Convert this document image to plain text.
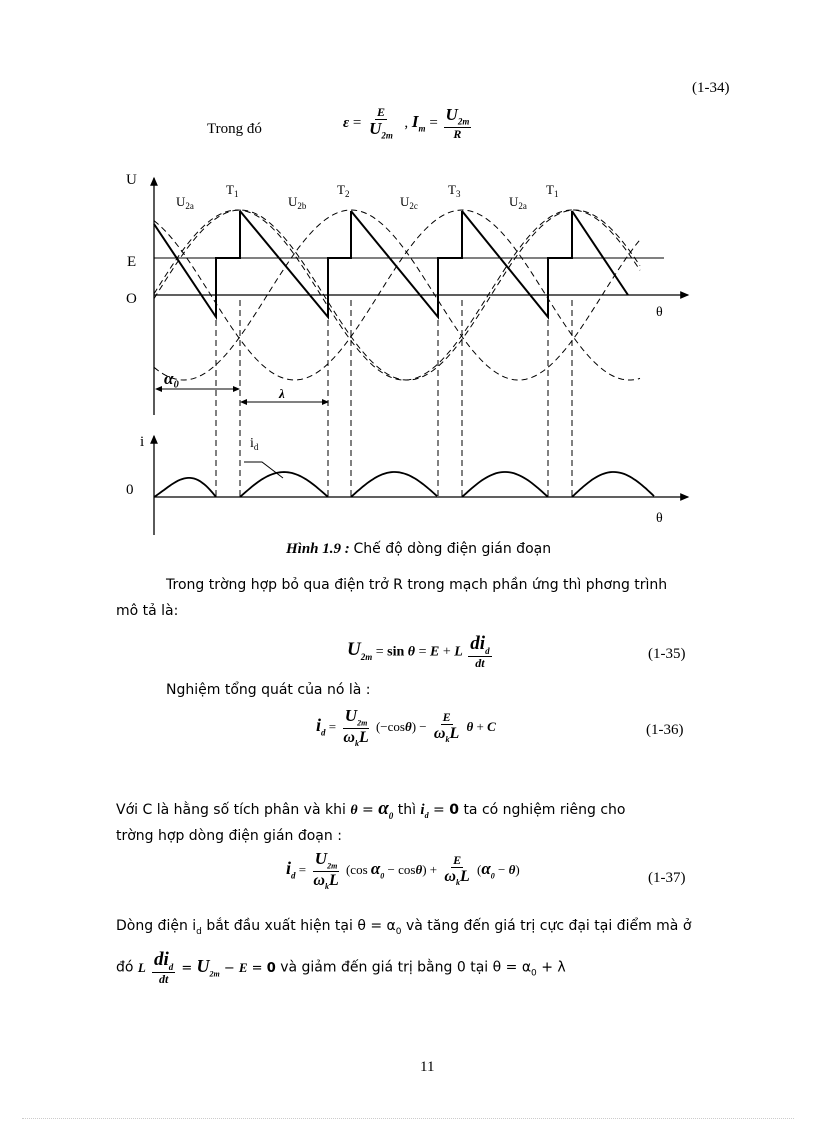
(1-34)
Trong đó	$\varepsilon = \frac{E}{U_{2m}}$ , $I_m = \frac{U_{2m}}{R}$
U
E
O
θ
i
0
θ
$i_d$
α₀
λ
$U_{2a}$	$U_{2b}$	$U_{2c}$	$U_{2a}$
$T_1$	$T_2$	$T_3$	$T_1$
Hình 1.9 : Chế độ dòng điện gián đoạn
Trong trờng hợp bỏ qua điện trở R trong mạch phần ứng thì phơng trình
mô tả là:
$U_{2m} = \sin \theta = E + L \frac{di_d}{dt}$	(1-35)
Nghiệm tổng quát của nó là :
$i_d = \frac{U_{2m}}{\omega_kL} (-\cos\theta) - \frac{E}{\omega_kL}$ θ + C	(1-36)
Với C là hằng số tích phân và khi $\theta = \alpha_0$ thì $i_d = 0$ ta có nghiệm riêng cho
trờng hợp dòng điện gián đoạn :
$i_d = \frac{U_{2m}}{\omega_kL} (\cos$ $\alpha_0 - \cos\theta) + \frac{E}{\omega_kL} (\alpha_0 - \theta)$
(1-37)
Dòng điện $i_d$ bắt đầu xuất hiện tại $\theta = \alpha_0$ và tăng đến giá trị cực đại tại điểm mà ở
đó L $\frac{di_d}{dt} = U_{2m} - E = 0$ và giảm đến giá trị bằng 0 tại $\theta = \alpha_0 + \lambda$
11
